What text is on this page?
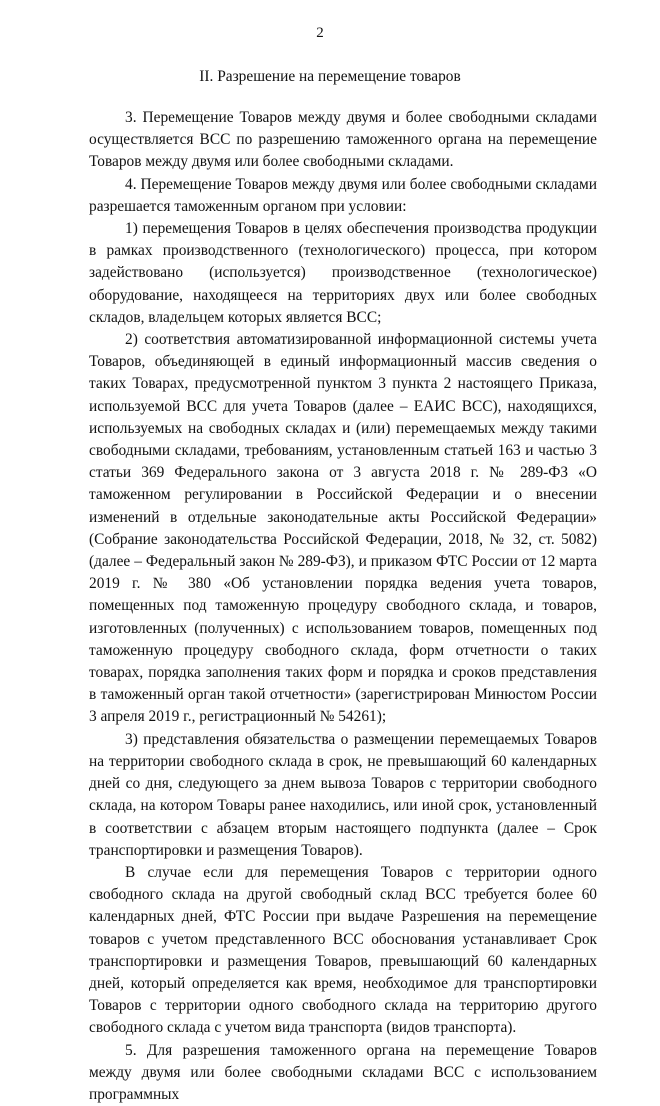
2
II. Разрешение на перемещение товаров

3. Перемещение Товаров между двумя и более свободными складами осуществляется ВСС по разрешению таможенного органа на перемещение Товаров между двумя или более свободными складами.

4. Перемещение Товаров между двумя или более свободными складами разрешается таможенным органом при условии:

1) перемещения Товаров в целях обеспечения производства продукции в рамках производственного (технологического) процесса, при котором задействовано (используется) производственное (технологическое) оборудование, находящееся на территориях двух или более свободных складов, владельцем которых является ВСС;

2) соответствия автоматизированной информационной системы учета Товаров, объединяющей в единый информационный массив сведения о таких Товарах, предусмотренной пунктом 3 пункта 2 настоящего Приказа, используемой ВСС для учета Товаров (далее – ЕАИС ВСС), находящихся, используемых на свободных складах и (или) перемещаемых между такими свободными складами, требованиям, установленным статьей 163 и частью 3 статьи 369 Федерального закона от 3 августа 2018 г. № 289-ФЗ «О таможенном регулировании в Российской Федерации и о внесении изменений в отдельные законодательные акты Российской Федерации» (Собрание законодательства Российской Федерации, 2018, № 32, ст. 5082) (далее – Федеральный закон № 289-ФЗ), и приказом ФТС России от 12 марта 2019 г. № 380 «Об установлении порядка ведения учета товаров, помещенных под таможенную процедуру свободного склада, и товаров, изготовленных (полученных) с использованием товаров, помещенных под таможенную процедуру свободного склада, форм отчетности о таких товарах, порядка заполнения таких форм и порядка и сроков представления в таможенный орган такой отчетности» (зарегистрирован Минюстом России 3 апреля 2019 г., регистрационный № 54261);

3) представления обязательства о размещении перемещаемых Товаров на территории свободного склада в срок, не превышающий 60 календарных дней со дня, следующего за днем вывоза Товаров с территории свободного склада, на котором Товары ранее находились, или иной срок, установленный в соответствии с абзацем вторым настоящего подпункта (далее – Срок транспортировки и размещения Товаров).

В случае если для перемещения Товаров с территории одного свободного склада на другой свободный склад ВСС требуется более 60 календарных дней, ФТС России при выдаче Разрешения на перемещение товаров с учетом представленного ВСС обоснования устанавливает Срок транспортировки и размещения Товаров, превышающий 60 календарных дней, который определяется как время, необходимое для транспортировки Товаров с территории одного свободного склада на территорию другого свободного склада с учетом вида транспорта (видов транспорта).

5. Для разрешения таможенного органа на перемещение Товаров между двумя или более свободными складами ВСС с использованием программных
